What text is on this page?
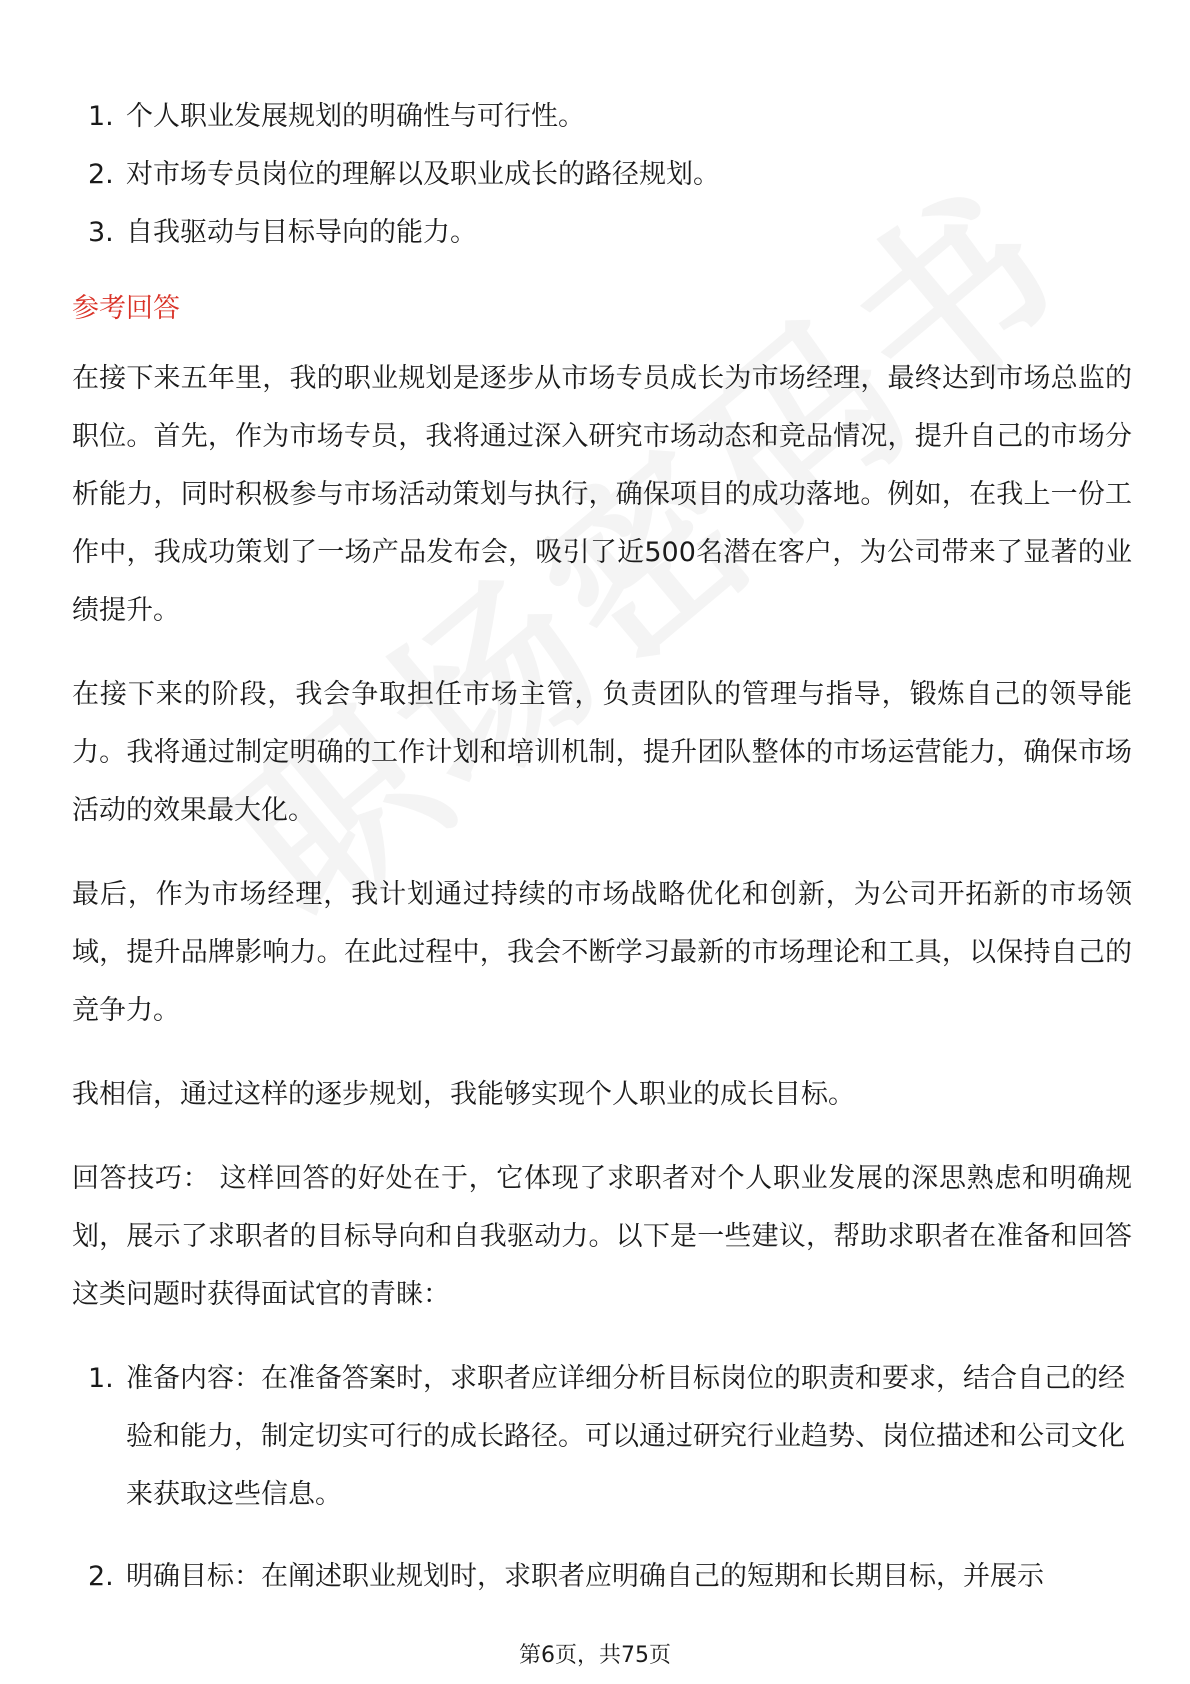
1. 个人职业发展规划的明确性与可行性。
2. 对市场专员岗位的理解以及职业成长的路径规划。
3. 自我驱动与目标导向的能力。
参考回答

在接下来五年里，我的职业规划是逐步从市场专员成长为市场经理，最终达到市场总监的职位。首先，作为市场专员，我将通过深入研究市场动态和竞品情况，提升自己的市场分析能力，同时积极参与市场活动策划与执行，确保项目的成功落地。例如，在我上一份工作中，我成功策划了一场产品发布会，吸引了近500名潜在客户，为公司带来了显著的业绩提升。

在接下来的阶段，我会争取担任市场主管，负责团队的管理与指导，锻炼自己的领导能力。我将通过制定明确的工作计划和培训机制，提升团队整体的市场运营能力，确保市场活动的效果最大化。

最后，作为市场经理，我计划通过持续的市场战略优化和创新，为公司开拓新的市场领域，提升品牌影响力。在此过程中，我会不断学习最新的市场理论和工具，以保持自己的竞争力。

我相信，通过这样的逐步规划，我能够实现个人职业的成长目标。

回答技巧： 这样回答的好处在于，它体现了求职者对个人职业发展的深思熟虑和明确规划，展示了求职者的目标导向和自我驱动力。以下是一些建议，帮助求职者在准备和回答这类问题时获得面试官的青睐：

1. 准备内容：在准备答案时，求职者应详细分析目标岗位的职责和要求，结合自己的经验和能力，制定切实可行的成长路径。可以通过研究行业趋势、岗位描述和公司文化来获取这些信息。
2. 明确目标：在阐述职业规划时，求职者应明确自己的短期和长期目标，并展示
第6页，共75页
